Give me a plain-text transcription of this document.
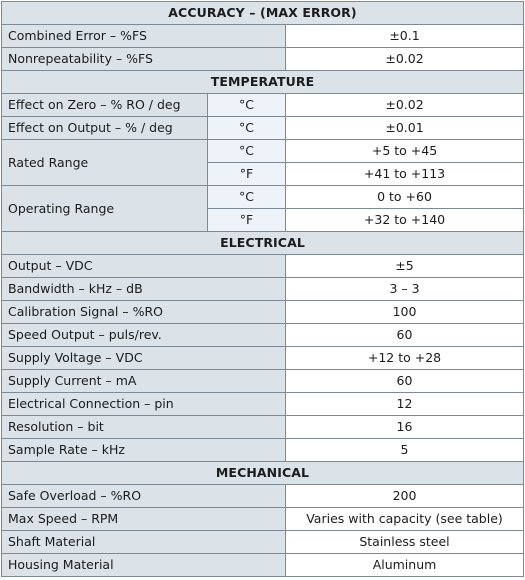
ACCURACY – (MAX ERROR)		
Combined Error – %FS		±0.1
Nonrepeatability – %FS		±0.02
TEMPERATURE		
Effect on Zero – % RO / deg	°C	±0.02
Effect on Output – % / deg	°C	±0.01
Rated Range	°C	+5 to +45
	°F	+41 to +113
Operating Range	°C	0 to +60
	°F	+32 to +140
ELECTRICAL		
Output – VDC		±5
Bandwidth – kHz – dB		3 – 3
Calibration Signal – %RO		100
Speed Output – puls/rev.		60
Supply Voltage – VDC		+12 to +28
Supply Current – mA		60
Electrical Connection – pin		12
Resolution – bit		16
Sample Rate – kHz		5
MECHANICAL		
Safe Overload – %RO		200
Max Speed – RPM		Varies with capacity (see table)
Shaft Material		Stainless steel
Housing Material		Aluminum
